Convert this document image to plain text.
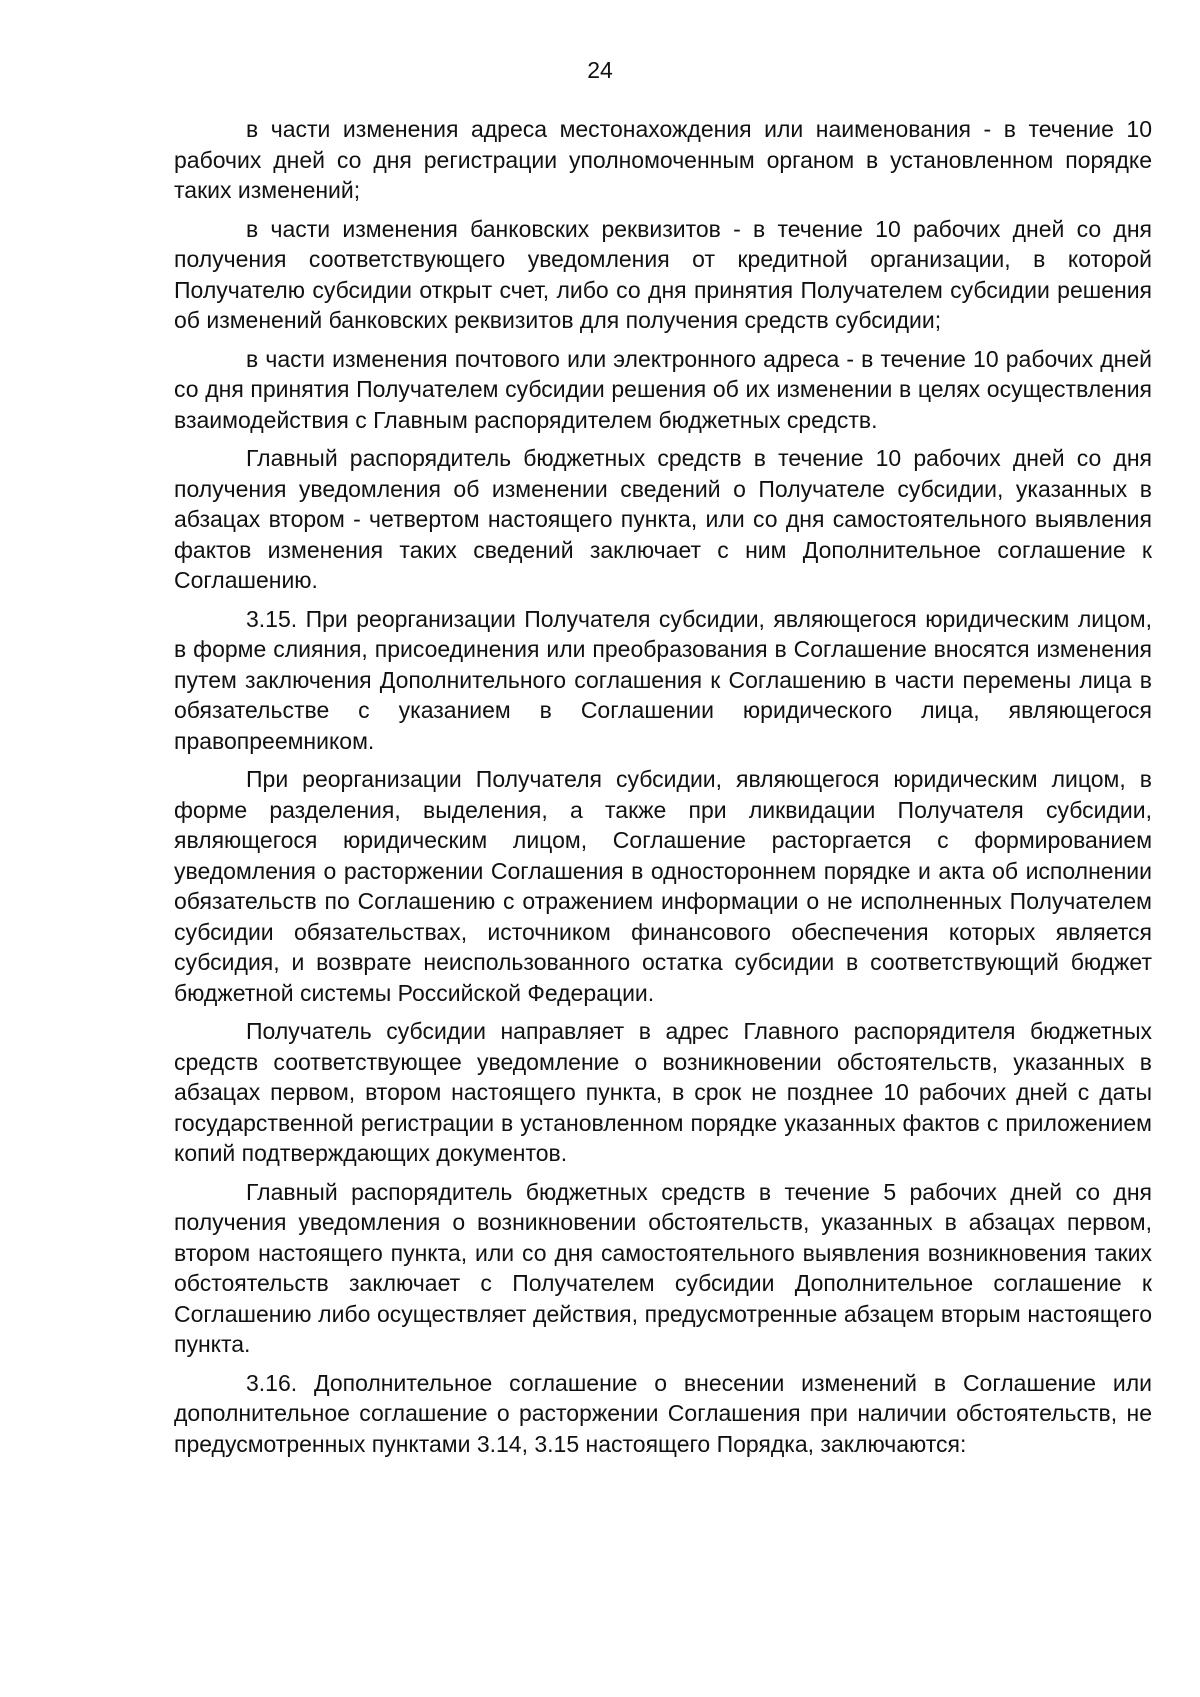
24

в части изменения адреса местонахождения или наименования - в течение 10 рабочих дней со дня регистрации уполномоченным органом в установленном порядке таких изменений;

в части изменения банковских реквизитов - в течение 10 рабочих дней со дня получения соответствующего уведомления от кредитной организации, в которой Получателю субсидии открыт счет, либо со дня принятия Получателем субсидии решения об изменений банковских реквизитов для получения средств субсидии;

в части изменения почтового или электронного адреса - в течение 10 рабочих дней со дня принятия Получателем субсидии решения об их изменении в целях осуществления взаимодействия с Главным распорядителем бюджетных средств.

Главный распорядитель бюджетных средств в течение 10 рабочих дней со дня получения уведомления об изменении сведений о Получателе субсидии, указанных в абзацах втором - четвертом настоящего пункта, или со дня самостоятельного выявления фактов изменения таких сведений заключает с ним Дополнительное соглашение к Соглашению.

3.15. При реорганизации Получателя субсидии, являющегося юридическим лицом, в форме слияния, присоединения или преобразования в Соглашение вносятся изменения путем заключения Дополнительного соглашения к Соглашению в части перемены лица в обязательстве с указанием в Соглашении юридического лица, являющегося правопреемником.

При реорганизации Получателя субсидии, являющегося юридическим лицом, в форме разделения, выделения, а также при ликвидации Получателя субсидии, являющегося юридическим лицом, Соглашение расторгается с формированием уведомления о расторжении Соглашения в одностороннем порядке и акта об исполнении обязательств по Соглашению с отражением информации о не исполненных Получателем субсидии обязательствах, источником финансового обеспечения которых является субсидия, и возврате неиспользованного остатка субсидии в соответствующий бюджет бюджетной системы Российской Федерации.

Получатель субсидии направляет в адрес Главного распорядителя бюджетных средств соответствующее уведомление о возникновении обстоятельств, указанных в абзацах первом, втором настоящего пункта, в срок не позднее 10 рабочих дней с даты государственной регистрации в установленном порядке указанных фактов с приложением копий подтверждающих документов.

Главный распорядитель бюджетных средств в течение 5 рабочих дней со дня получения уведомления о возникновении обстоятельств, указанных в абзацах первом, втором настоящего пункта, или со дня самостоятельного выявления возникновения таких обстоятельств заключает с Получателем субсидии Дополнительное соглашение к Соглашению либо осуществляет действия, предусмотренные абзацем вторым настоящего пункта.

3.16. Дополнительное соглашение о внесении изменений в Соглашение или дополнительное соглашение о расторжении Соглашения при наличии обстоятельств, не предусмотренных пунктами 3.14, 3.15 настоящего Порядка, заключаются:
